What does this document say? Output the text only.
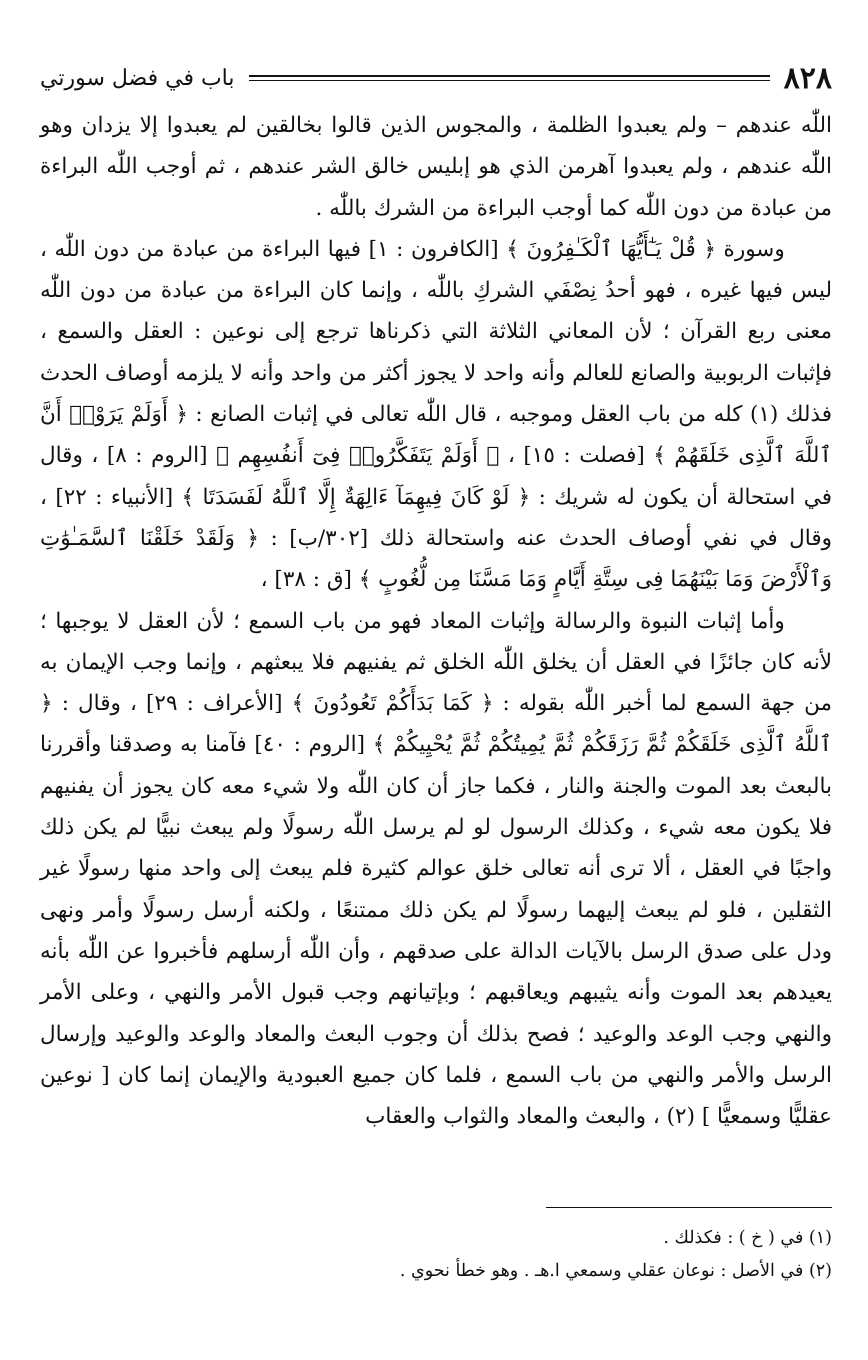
٨٢٨
باب في فضل سورتي

اللّٰه عندهم – ولم يعبدوا الظلمة ، والمجوس الذين قالوا بخالقين لم يعبدوا إلا يزدان وهو اللّٰه عندهم ، ولم يعبدوا آهرمن الذي هو إبليس خالق الشر عندهم ، ثم أوجب اللّٰه البراءة من عبادة من دون اللّٰه كما أوجب البراءة من الشرك باللّٰه .

وسورة ﴿ قُلْ يَـٰٓأَيُّهَا ٱلْكَـٰفِرُونَ ﴾ [الكافرون : ١] فيها البراءة من عبادة من دون اللّٰه ، ليس فيها غيره ، فهو أحدُ نِصْفَي الشركِ باللّٰه ، وإنما كان البراءة من عبادة من دون اللّٰه معنى ربع القرآن ؛ لأن المعاني الثلاثة التي ذكرناها ترجع إلى نوعين : العقل والسمع ، فإثبات الربوبية والصانع للعالم وأنه واحد لا يجوز أكثر من واحد وأنه لا يلزمه أوصاف الحدث فذلك (١) كله من باب العقل وموجبه ، قال اللّٰه تعالى في إثبات الصانع : ﴿ أَوَلَمْ يَرَوْا۟ أَنَّ ٱللَّهَ ٱلَّذِى خَلَقَهُمْ ﴾ [فصلت : ١٥] ، ﴿ أَوَلَمْ يَتَفَكَّرُوا۟ فِىٓ أَنفُسِهِم ﴾ [الروم : ٨] ، وقال في استحالة أن يكون له شريك : ﴿ لَوْ كَانَ فِيهِمَآ ءَالِهَةٌ إِلَّا ٱللَّهُ لَفَسَدَتَا ﴾ [الأنبياء : ٢٢] ، وقال في نفي أوصاف الحدث عنه واستحالة ذلك [٣٠٢/ب] : ﴿ وَلَقَدْ خَلَقْنَا ٱلسَّمَـٰوَٰتِ وَٱلْأَرْضَ وَمَا بَيْنَهُمَا فِى سِتَّةِ أَيَّامٍ وَمَا مَسَّنَا مِن لُّغُوبٍ ﴾ [ق : ٣٨] ،

وأما إثبات النبوة والرسالة وإثبات المعاد فهو من باب السمع ؛ لأن العقل لا يوجبها ؛ لأنه كان جائزًا في العقل أن يخلق اللّٰه الخلق ثم يفنيهم فلا يبعثهم ، وإنما وجب الإيمان به من جهة السمع لما أخبر اللّٰه بقوله : ﴿ كَمَا بَدَأَكُمْ تَعُودُونَ ﴾ [الأعراف : ٢٩] ، وقال : ﴿ ٱللَّهُ ٱلَّذِى خَلَقَكُمْ ثُمَّ رَزَقَكُمْ ثُمَّ يُمِيتُكُمْ ثُمَّ يُحْيِيكُمْ ﴾ [الروم : ٤٠] فآمنا به وصدقنا وأقررنا بالبعث بعد الموت والجنة والنار ، فكما جاز أن كان اللّٰه ولا شيء معه كان يجوز أن يفنيهم فلا يكون معه شيء ، وكذلك الرسول لو لم يرسل اللّٰه رسولًا ولم يبعث نبيًّا لم يكن ذلك واجبًا في العقل ، ألا ترى أنه تعالى خلق عوالم كثيرة فلم يبعث إلى واحد منها رسولًا غير الثقلين ، فلو لم يبعث إليهما رسولًا لم يكن ذلك ممتنعًا ، ولكنه أرسل رسولًا وأمر ونهى ودل على صدق الرسل بالآيات الدالة على صدقهم ، وأن اللّٰه أرسلهم فأخبروا عن اللّٰه بأنه يعيدهم بعد الموت وأنه يثيبهم ويعاقبهم ؛ وبإتيانهم وجب قبول الأمر والنهي ، وعلى الأمر والنهي وجب الوعد والوعيد ؛ فصح بذلك أن وجوب البعث والمعاد والوعد والوعيد وإرسال الرسل والأمر والنهي من باب السمع ، فلما كان جميع العبودية والإيمان إنما كان [ نوعين عقليًّا وسمعيًّا ] (٢) ، والبعث والمعاد والثواب والعقاب

(١) في ( خ ) : فكذلك .
(٢) في الأصل : نوعان عقلي وسمعي ا.هـ . وهو خطأ نحوي .
